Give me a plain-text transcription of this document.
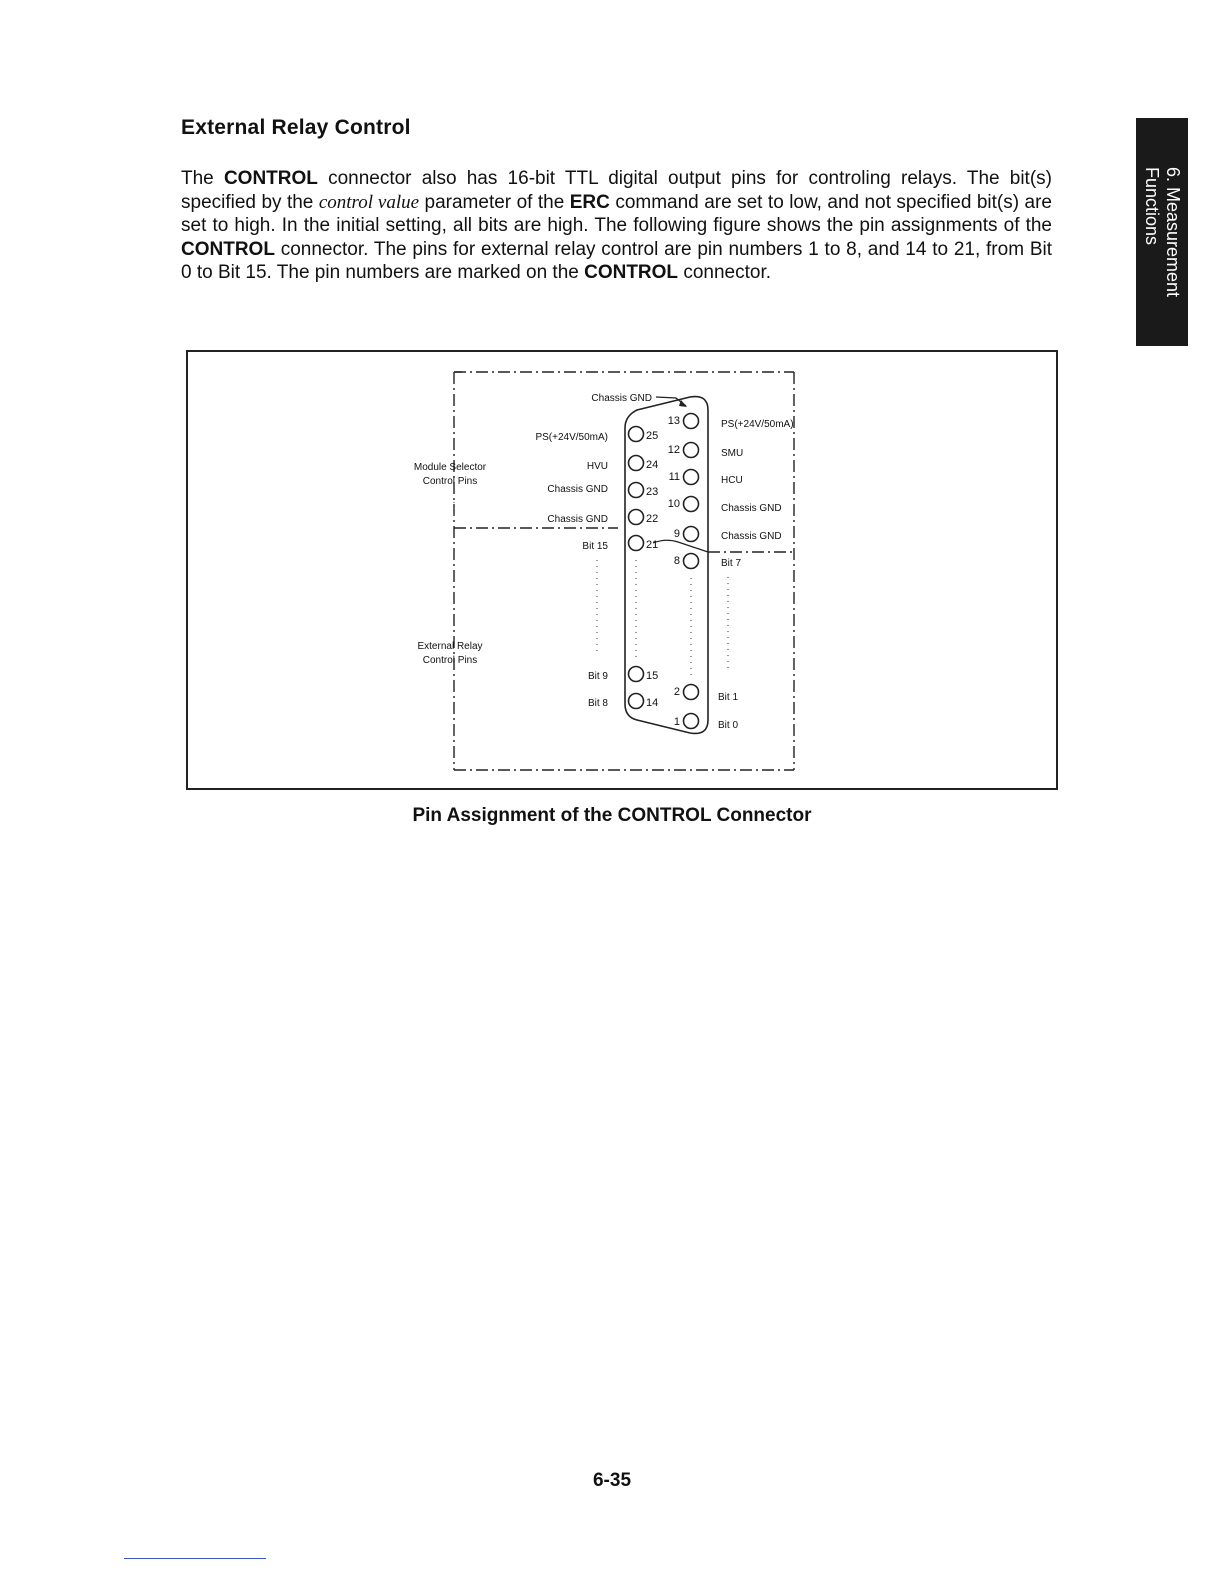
External Relay Control
The CONTROL connector also has 16-bit TTL digital output pins for controling relays. The bit(s) specified by the control value parameter of the ERC command are set to low, and not specified bit(s) are set to high. In the initial setting, all bits are high. The following figure shows the pin assignments of the CONTROL connector. The pins for external relay control are pin numbers 1 to 8, and 14 to 21, from Bit 0 to Bit 15. The pin numbers are marked on the CONTROL connector.	6. Measurement
Functions
25
24
23
22
21
15
14
13
12
11
10
9
8
2
1
Chassis GND
PS(+24V/50mA)
HVU
Chassis GND
Chassis GND
Bit 15
Bit 9
Bit 8
PS(+24V/50mA)
SMU
HCU
Chassis GND
Chassis GND
Bit 7
Bit 1
Bit 0
Module Selector
Control Pins
External Relay
Control Pins
Pin Assignment of the CONTROL Connector
6-35
